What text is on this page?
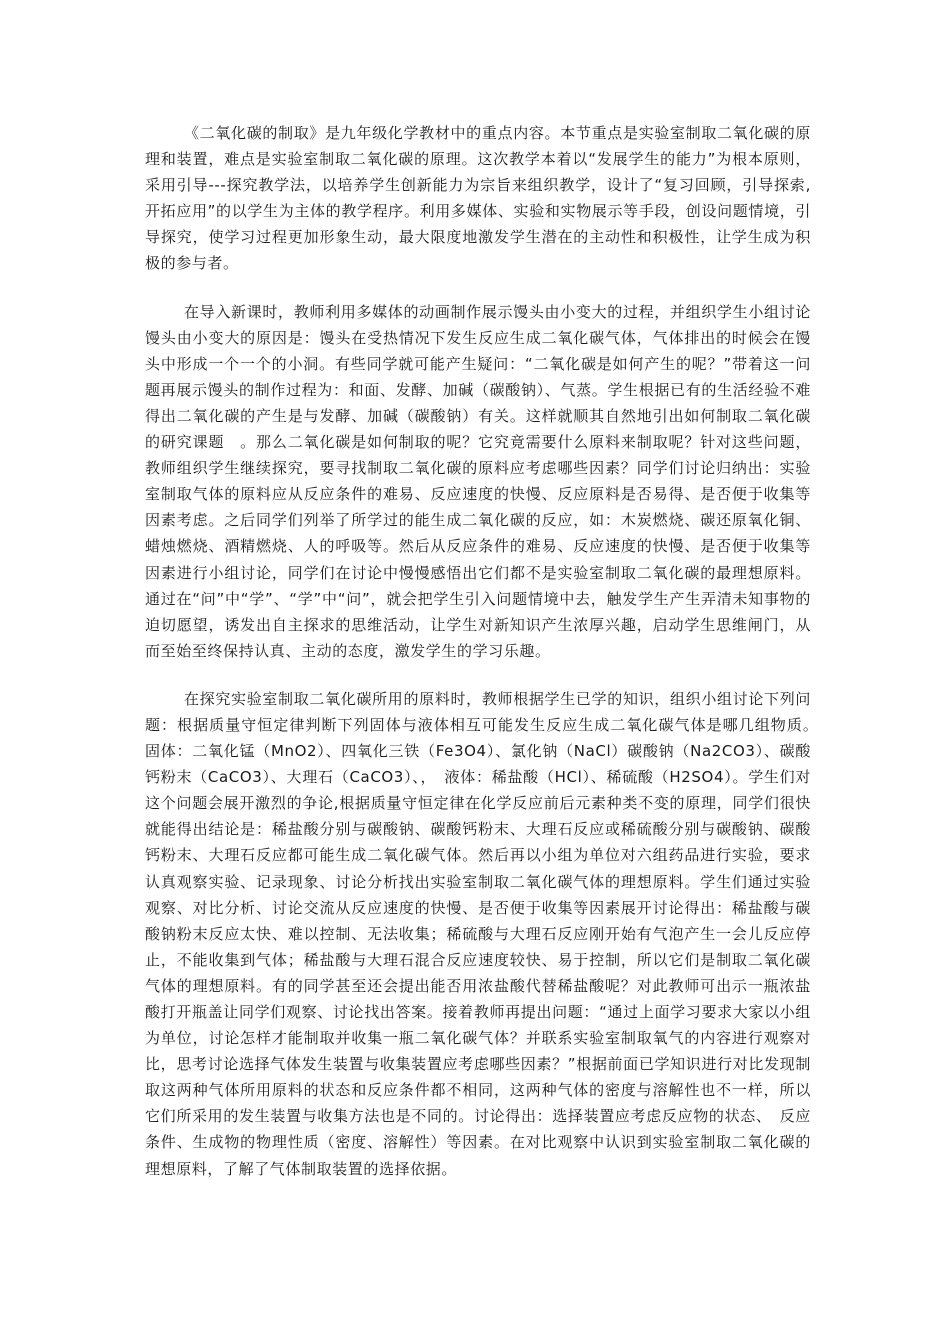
《二氧化碳的制取》是九年级化学教材中的重点内容。本节重点是实验室制取二氧化碳的原理和装置，难点是实验室制取二氧化碳的原理。这次教学本着以“发展学生的能力”为根本原则，采用引导---探究教学法，以培养学生创新能力为宗旨来组织教学，设计了“复习回顾，引导探索,开拓应用”的以学生为主体的教学程序。利用多媒体、实验和实物展示等手段，创设问题情境，引导探究，使学习过程更加形象生动，最大限度地激发学生潜在的主动性和积极性，让学生成为积极的参与者。

在导入新课时，教师利用多媒体的动画制作展示馒头由小变大的过程，并组织学生小组讨论馒头由小变大的原因是：馒头在受热情况下发生反应生成二氧化碳气体，气体排出的时候会在馒头中形成一个一个的小洞。有些同学就可能产生疑问：“二氧化碳是如何产生的呢？”带着这一问题再展示馒头的制作过程为：和面、发酵、加碱（碳酸钠）、气蒸。学生根据已有的生活经验不难得出二氧化碳的产生是与发酵、加碱（碳酸钠）有关。这样就顺其自然地引出如何制取二氧化碳的研究课题　。那么二氧化碳是如何制取的呢？它究竟需要什么原料来制取呢？针对这些问题，教师组织学生继续探究，要寻找制取二氧化碳的原料应考虑哪些因素？同学们讨论归纳出：实验室制取气体的原料应从反应条件的难易、反应速度的快慢、反应原料是否易得、是否便于收集等因素考虑。之后同学们列举了所学过的能生成二氧化碳的反应，如：木炭燃烧、碳还原氧化铜、蜡烛燃烧、酒精燃烧、人的呼吸等。然后从反应条件的难易、反应速度的快慢、是否便于收集等因素进行小组讨论，同学们在讨论中慢慢感悟出它们都不是实验室制取二氧化碳的最理想原料。通过在“问”中“学”、“学”中“问”，就会把学生引入问题情境中去，触发学生产生弄清未知事物的迫切愿望，诱发出自主探求的思维活动，让学生对新知识产生浓厚兴趣，启动学生思维闸门，从而至始至终保持认真、主动的态度，激发学生的学习乐趣。

在探究实验室制取二氧化碳所用的原料时，教师根据学生已学的知识，组织小组讨论下列问题：根据质量守恒定律判断下列固体与液体相互可能发生反应生成二氧化碳气体是哪几组物质。　固体：二氧化锰（MnO2）、四氧化三铁（Fe3O4）、氯化钠（NaCl）碳酸钠（Na2CO3）、碳酸钙粉末（CaCO3）、大理石（CaCO3）、，　液体：稀盐酸（HCl）、稀硫酸（H2SO4）。学生们对这个问题会展开激烈的争论,根据质量守恒定律在化学反应前后元素种类不变的原理，同学们很快就能得出结论是：稀盐酸分别与碳酸钠、碳酸钙粉末、大理石反应或稀硫酸分别与碳酸钠、碳酸钙粉末、大理石反应都可能生成二氧化碳气体。然后再以小组为单位对六组药品进行实验，要求认真观察实验、记录现象、讨论分析找出实验室制取二氧化碳气体的理想原料。学生们通过实验观察、对比分析、讨论交流从反应速度的快慢、是否便于收集等因素展开讨论得出：稀盐酸与碳酸钠粉末反应太快、难以控制、无法收集；稀硫酸与大理石反应刚开始有气泡产生一会儿反应停止，不能收集到气体；稀盐酸与大理石混合反应速度较快、易于控制，所以它们是制取二氧化碳气体的理想原料。有的同学甚至还会提出能否用浓盐酸代替稀盐酸呢？对此教师可出示一瓶浓盐酸打开瓶盖让同学们观察、讨论找出答案。接着教师再提出问题：“通过上面学习要求大家以小组为单位，讨论怎样才能制取并收集一瓶二氧化碳气体？并联系实验室制取氧气的内容进行观察对比，思考讨论选择气体发生装置与收集装置应考虑哪些因素？”根据前面已学知识进行对比发现制取这两种气体所用原料的状态和反应条件都不相同，这两种气体的密度与溶解性也不一样，所以它们所采用的发生装置与收集方法也是不同的。讨论得出：选择装置应考虑反应物的状态、　反应条件、生成物的物理性质（密度、溶解性）等因素。在对比观察中认识到实验室制取二氧化碳的理想原料，了解了气体制取装置的选择依据。
